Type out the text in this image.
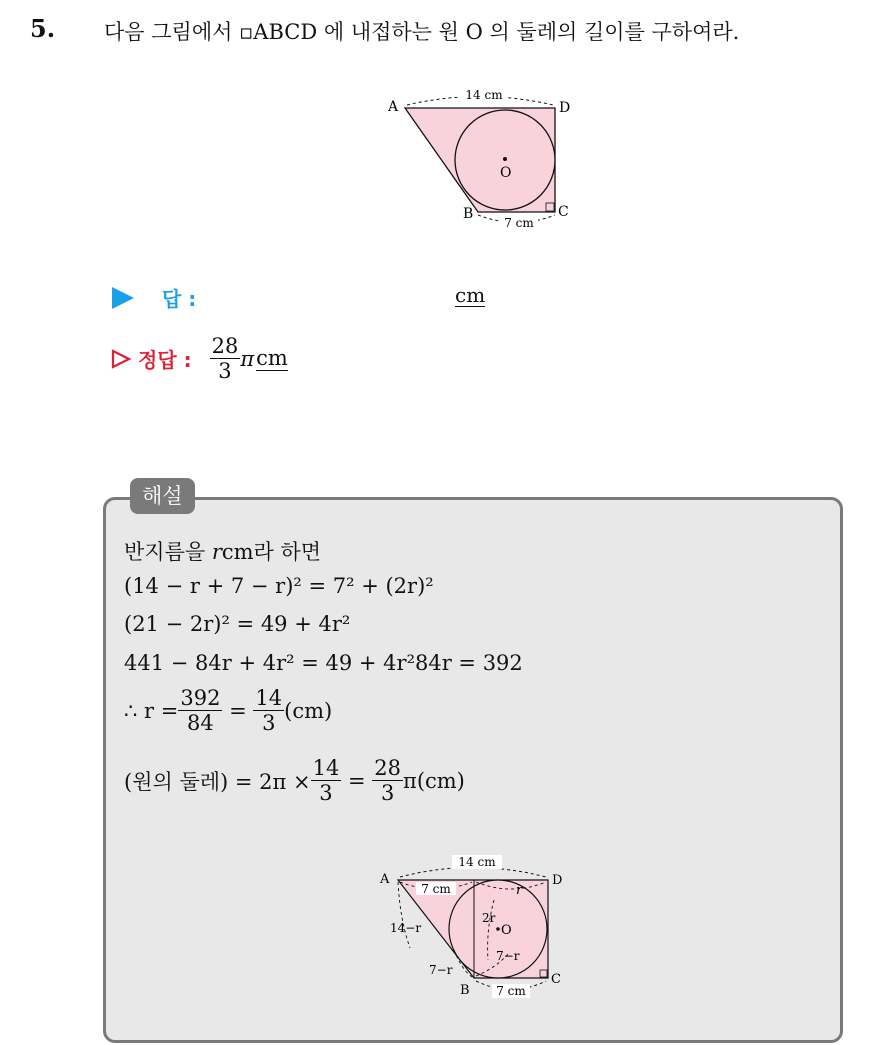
5. 다음 그림에서 ▫ABCD 에 내접하는 원 O 의 둘레의 길이를 구하여라.
14 cm
7 cm
A	D
B	C
O
답 :	cm
정답 : $\frac{28}{3}$ π cm
해설
반지름을 rcm라 하면
(14 − r + 7 − r)² = 7² + (2r)²
(21 − 2r)² = 49 + 4r²
441 − 84r + 4r² = 49 + 4r²84r = 392
∴ $r = \frac{392}{84} = \frac{14}{3} (cm)$
(원의 둘레) = $2\pi \times \frac{14}{3} = \frac{28}{3} \pi(cm)$
14 cm
7 cm
7 cm	r
2r
14−r
7−r
7−r
A	D
B
C
O
